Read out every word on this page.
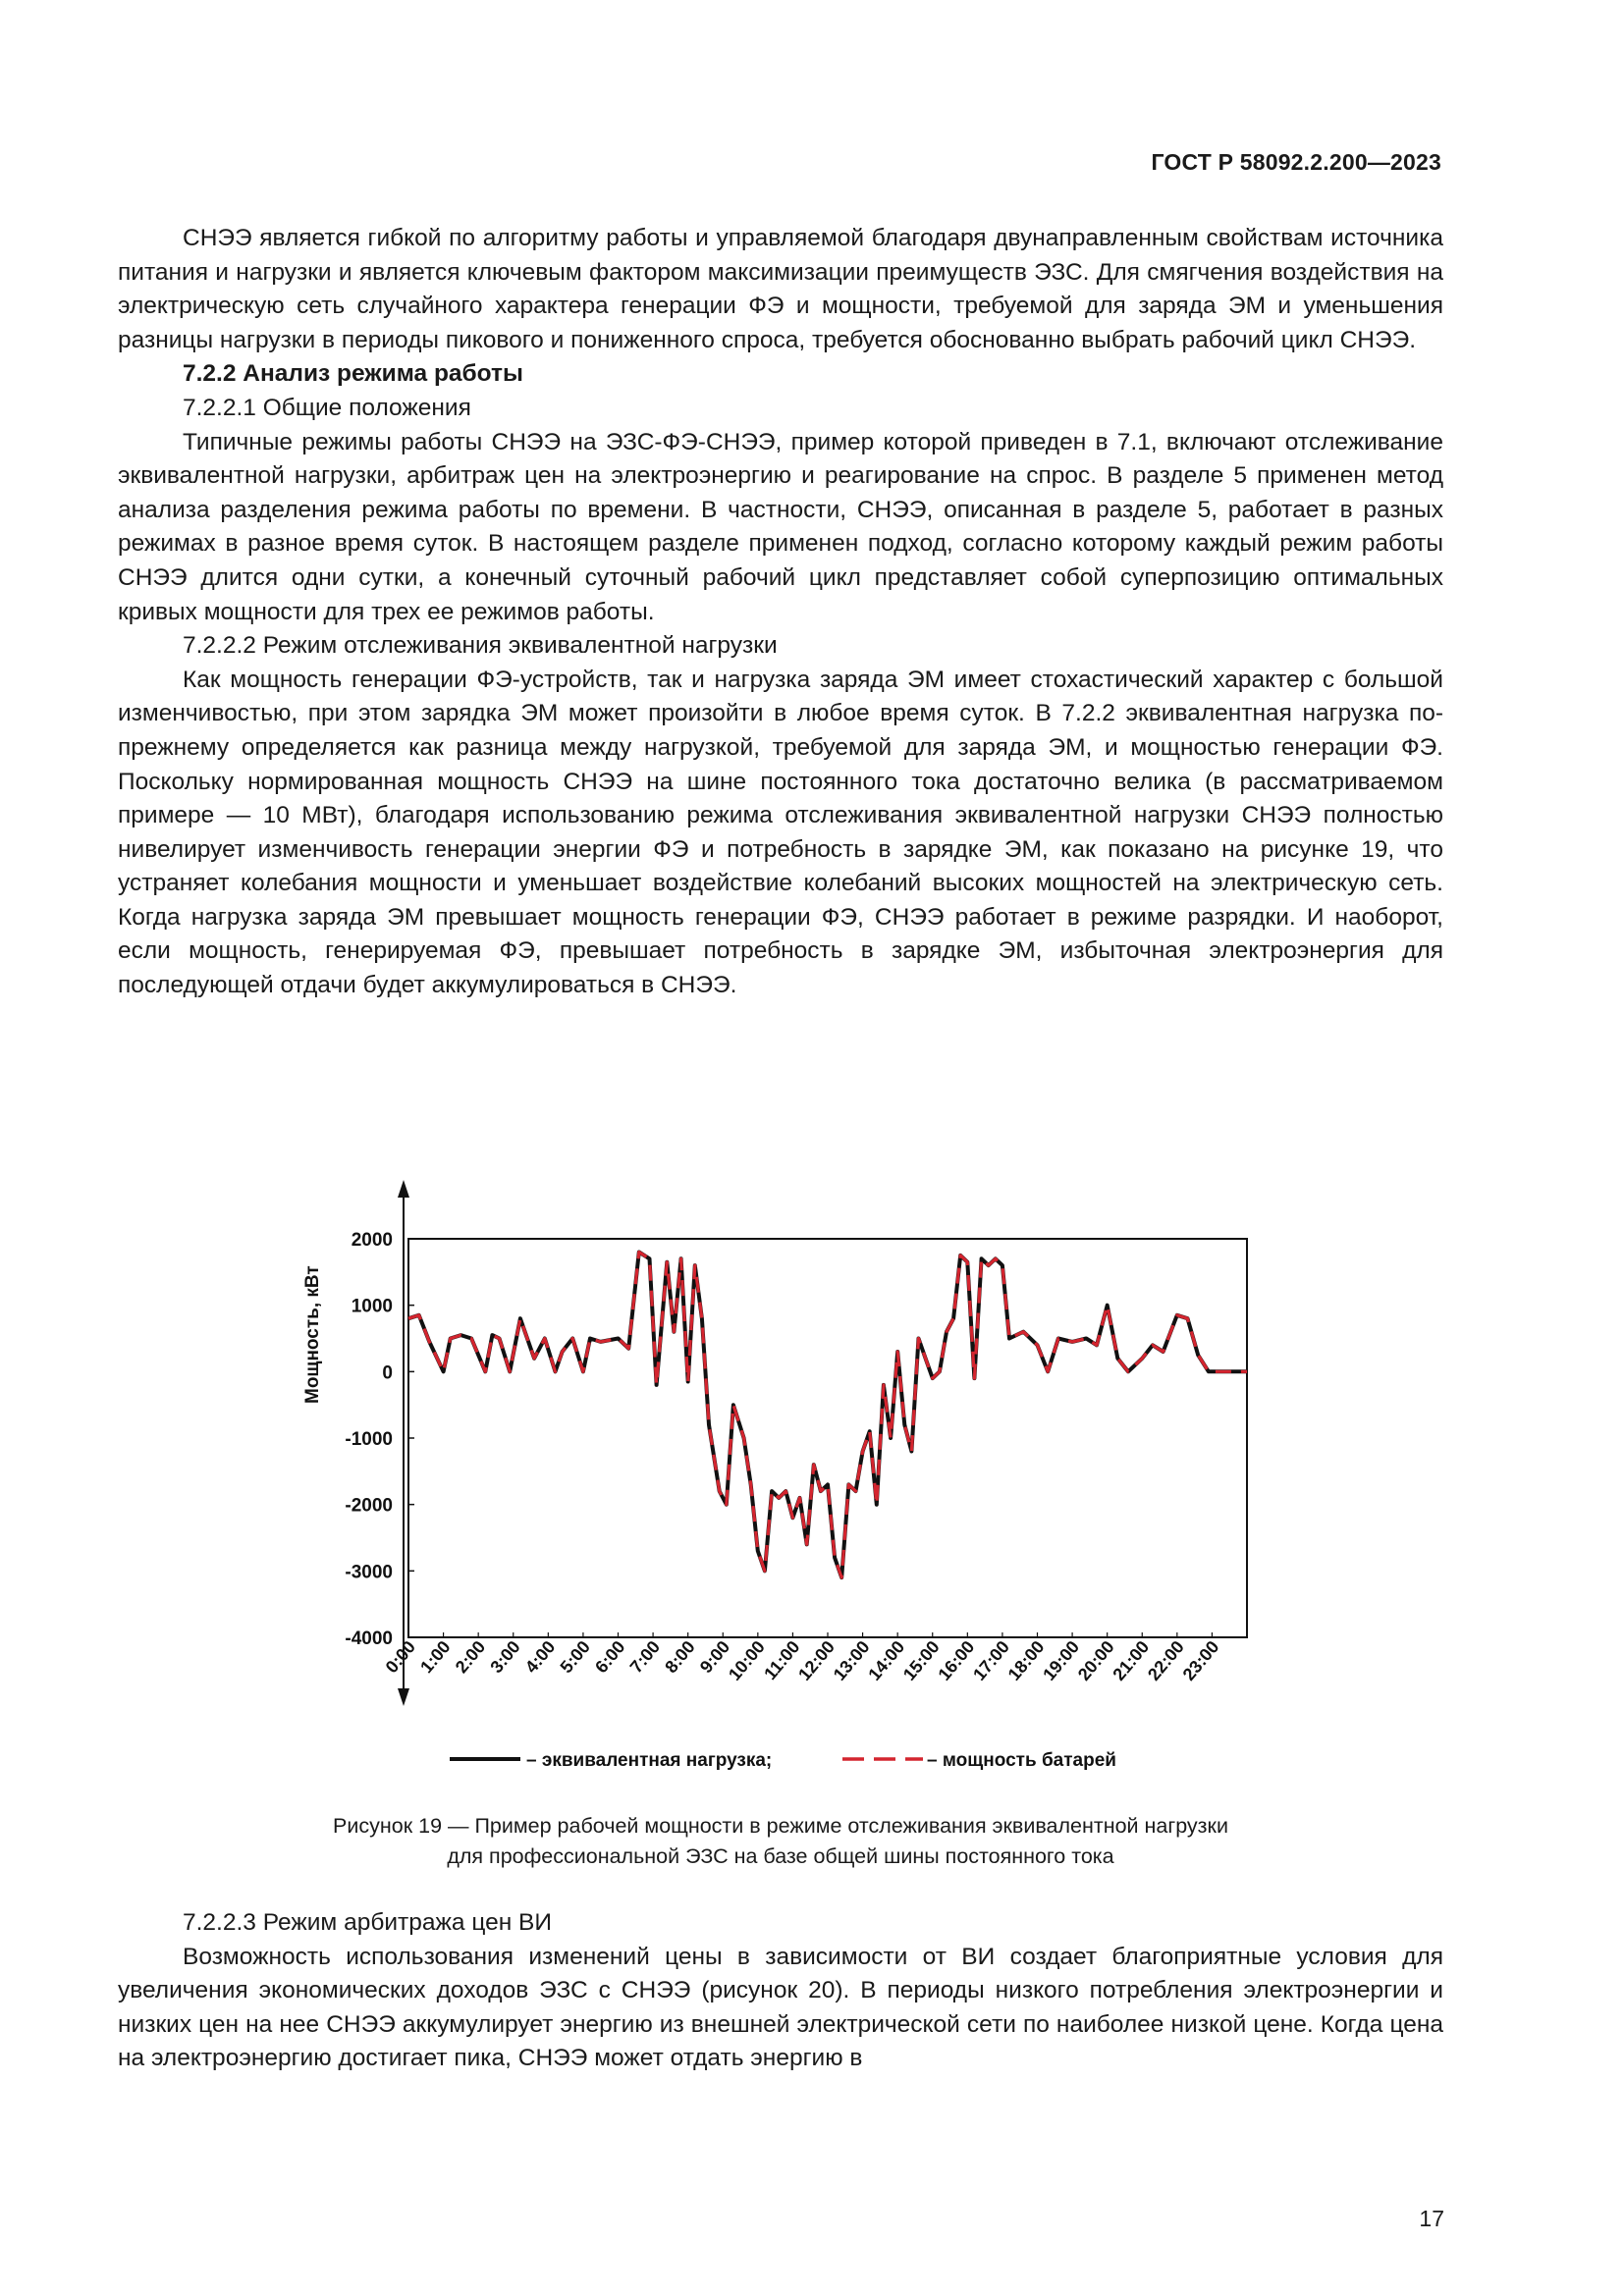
ГОСТ Р 58092.2.200—2023

СНЭЭ является гибкой по алгоритму работы и управляемой благодаря двунаправленным свойствам источника питания и нагрузки и является ключевым фактором максимизации преимуществ ЭЗС. Для смягчения воздействия на электрическую сеть случайного характера генерации ФЭ и мощности, требуемой для заряда ЭМ и уменьшения разницы нагрузки в периоды пикового и пониженного спроса, требуется обоснованно выбрать рабочий цикл СНЭЭ.

7.2.2 Анализ режима работы

7.2.2.1 Общие положения

Типичные режимы работы СНЭЭ на ЭЗС-ФЭ-СНЭЭ, пример которой приведен в 7.1, включают отслеживание эквивалентной нагрузки, арбитраж цен на электроэнергию и реагирование на спрос. В разделе 5 применен метод анализа разделения режима работы по времени. В частности, СНЭЭ, описанная в разделе 5, работает в разных режимах в разное время суток. В настоящем разделе применен подход, согласно которому каждый режим работы СНЭЭ длится одни сутки, а конечный суточный рабочий цикл представляет собой суперпозицию оптимальных кривых мощности для трех ее режимов работы.

7.2.2.2 Режим отслеживания эквивалентной нагрузки

Как мощность генерации ФЭ-устройств, так и нагрузка заряда ЭМ имеет стохастический характер с большой изменчивостью, при этом зарядка ЭМ может произойти в любое время суток. В 7.2.2 эквивалентная нагрузка по-прежнему определяется как разница между нагрузкой, требуемой для заряда ЭМ, и мощностью генерации ФЭ. Поскольку нормированная мощность СНЭЭ на шине постоянного тока достаточно велика (в рассматриваемом примере — 10 МВт), благодаря использованию режима отслеживания эквивалентной нагрузки СНЭЭ полностью нивелирует изменчивость генерации энергии ФЭ и потребность в зарядке ЭМ, как показано на рисунке 19, что устраняет колебания мощности и уменьшает воздействие колебаний высоких мощностей на электрическую сеть. Когда нагрузка заряда ЭМ превышает мощность генерации ФЭ, СНЭЭ работает в режиме разрядки. И наоборот, если мощность, генерируемая ФЭ, превышает потребность в зарядке ЭМ, избыточная электроэнергия для последующей отдачи будет аккумулироваться в СНЭЭ.

2000
1000
0
-1000
-2000
-3000
-4000
Мощность, кВт
0:00
1:00
2:00
3:00
4:00
5:00
6:00
7:00
8:00
9:00
10:00
11:00
12:00
13:00
14:00
15:00
16:00
17:00
18:00
19:00
20:00
21:00
22:00
23:00
– эквивалентная нагрузка;	– мощность батарей
Рисунок 19 — Пример рабочей мощности в режиме отслеживания эквивалентной нагрузки
для профессиональной ЭЗС на базе общей шины постоянного тока

7.2.2.3 Режим арбитража цен ВИ

Возможность использования изменений цены в зависимости от ВИ создает благоприятные условия для увеличения экономических доходов ЭЗС с СНЭЭ (рисунок 20). В периоды низкого потребления электроэнергии и низких цен на нее СНЭЭ аккумулирует энергию из внешней электрической сети по наиболее низкой цене. Когда цена на электроэнергию достигает пика, СНЭЭ может отдать энергию в

17
